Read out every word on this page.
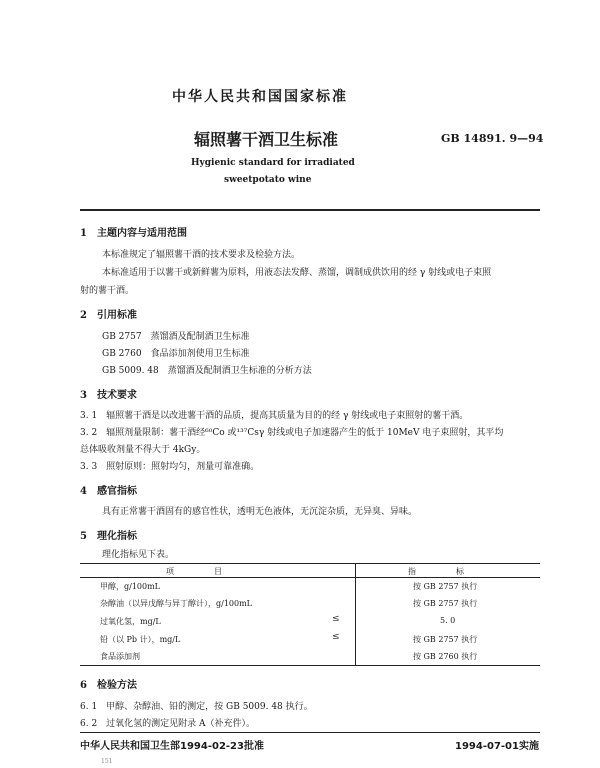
中华人民共和国国家标准
辐照薯干酒卫生标准	GB 14891. 9—94
Hygienic standard for irradiated
sweetpotato wine
1　主题内容与适用范围
本标准规定了辐照薯干酒的技术要求及检验方法。
本标准适用于以薯干或新鲜薯为原料，用液态法发酵、蒸馏，调制成供饮用的经 γ 射线或电子束照
射的薯干酒。
2　引用标准
GB 2757　蒸馏酒及配制酒卫生标准
GB 2760　食品添加剂使用卫生标准
GB 5009. 48　蒸馏酒及配制酒卫生标准的分析方法
3　技术要求
3. 1　辐照薯干酒是以改进薯干酒的品质，提高其质量为目的的经 γ 射线或电子束照射的薯干酒。
3. 2　辐照剂量限制：薯干酒经⁶⁰Co 或¹³⁷Csγ 射线或电子加速器产生的低于 10MeV 电子束照射，其平均
总体吸收剂量不得大于 4kGy。
3. 3　照射原则：照射均匀，剂量可靠准确。
4　感官指标
具有正常薯干酒固有的感官性状，透明无色液体，无沉淀杂质，无异臭、异味。
5　理化指标
理化指标见下表。
项　　　　　目	指　　　　　标
甲醇，g/100mL	按 GB 2757 执行
杂醇油（以异戊醇与异丁醇计），g/100mL	按 GB 2757 执行
过氧化氢，mg/L	≤	5. 0
铅（以 Pb 计），mg/L	≤	按 GB 2757 执行
食品添加剂	按 GB 2760 执行
6　检验方法
6. 1　甲醇、杂醇油、铅的测定，按 GB 5009. 48 执行。
6. 2　过氧化氢的测定见附录 A（补充件）。
中华人民共和国卫生部1994-02-23批准	1994-07-01实施
151
